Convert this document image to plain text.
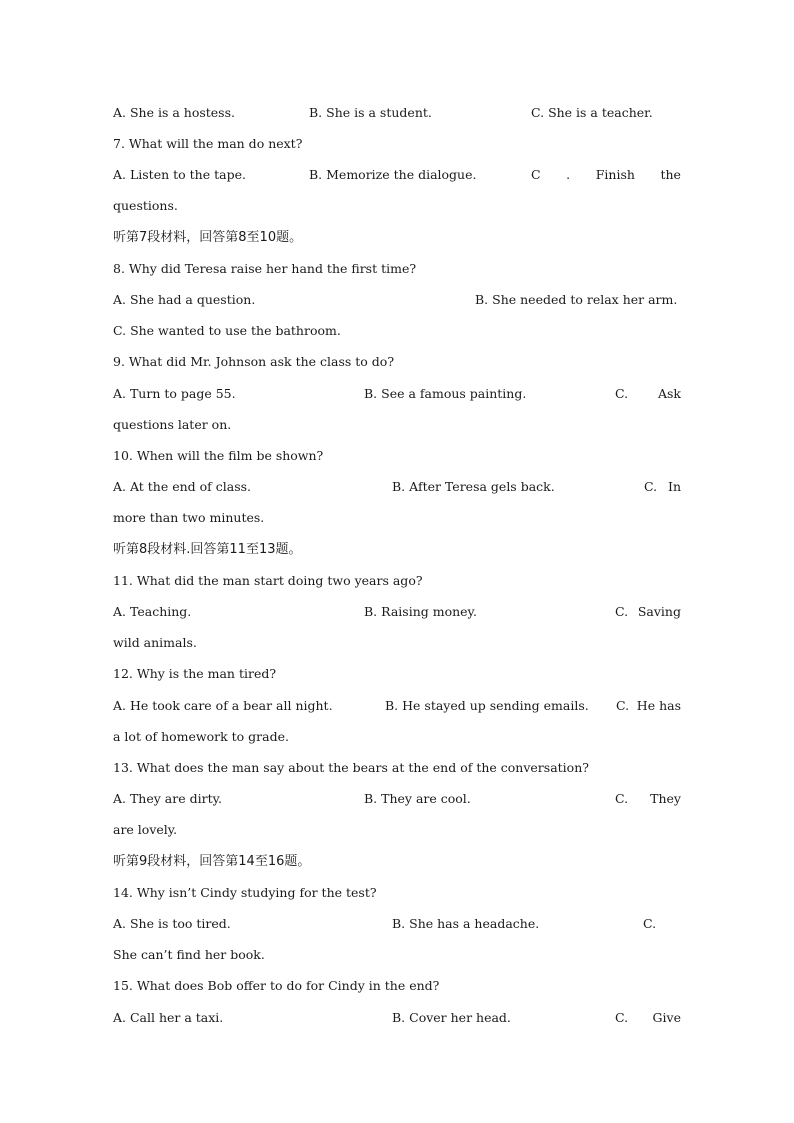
A. She is a hostess.	B. She is a student.	C. She is a teacher.
7. What will the man do next?
A. Listen to the tape.	B. Memorize the dialogue.	C . Finish the
questions.
听第7段材料，回答第8至10题。
8. Why did Teresa raise her hand the first time?
A. She had a question.	B. She needed to relax her arm.
C. She wanted to use the bathroom.
9. What did Mr. Johnson ask the class to do?
A. Turn to page 55.	B. See a famous painting.	C. Ask
questions later on.
10. When will the film be shown?
A. At the end of class.	B. After Teresa gels back.	C. In
more than two minutes.
听第8段材料.回答第11至13题。
11. What did the man start doing two years ago?
A. Teaching.	B. Raising money.	C. Saving
wild animals.
12. Why is the man tired?
A. He took care of a bear all night.	B. He stayed up sending emails. C. He has
a lot of homework to grade.
13. What does the man say about the bears at the end of the conversation?
A. They are dirty.	B. They are cool.	C. They
are lovely.
听第9段材料，回答第14至16题。
14. Why isn’t Cindy studying for the test?
A. She is too tired.	B. She has a headache.	C.
She can’t find her book.
15. What does Bob offer to do for Cindy in the end?
A. Call her a taxi.	B. Cover her head.	C. Give
